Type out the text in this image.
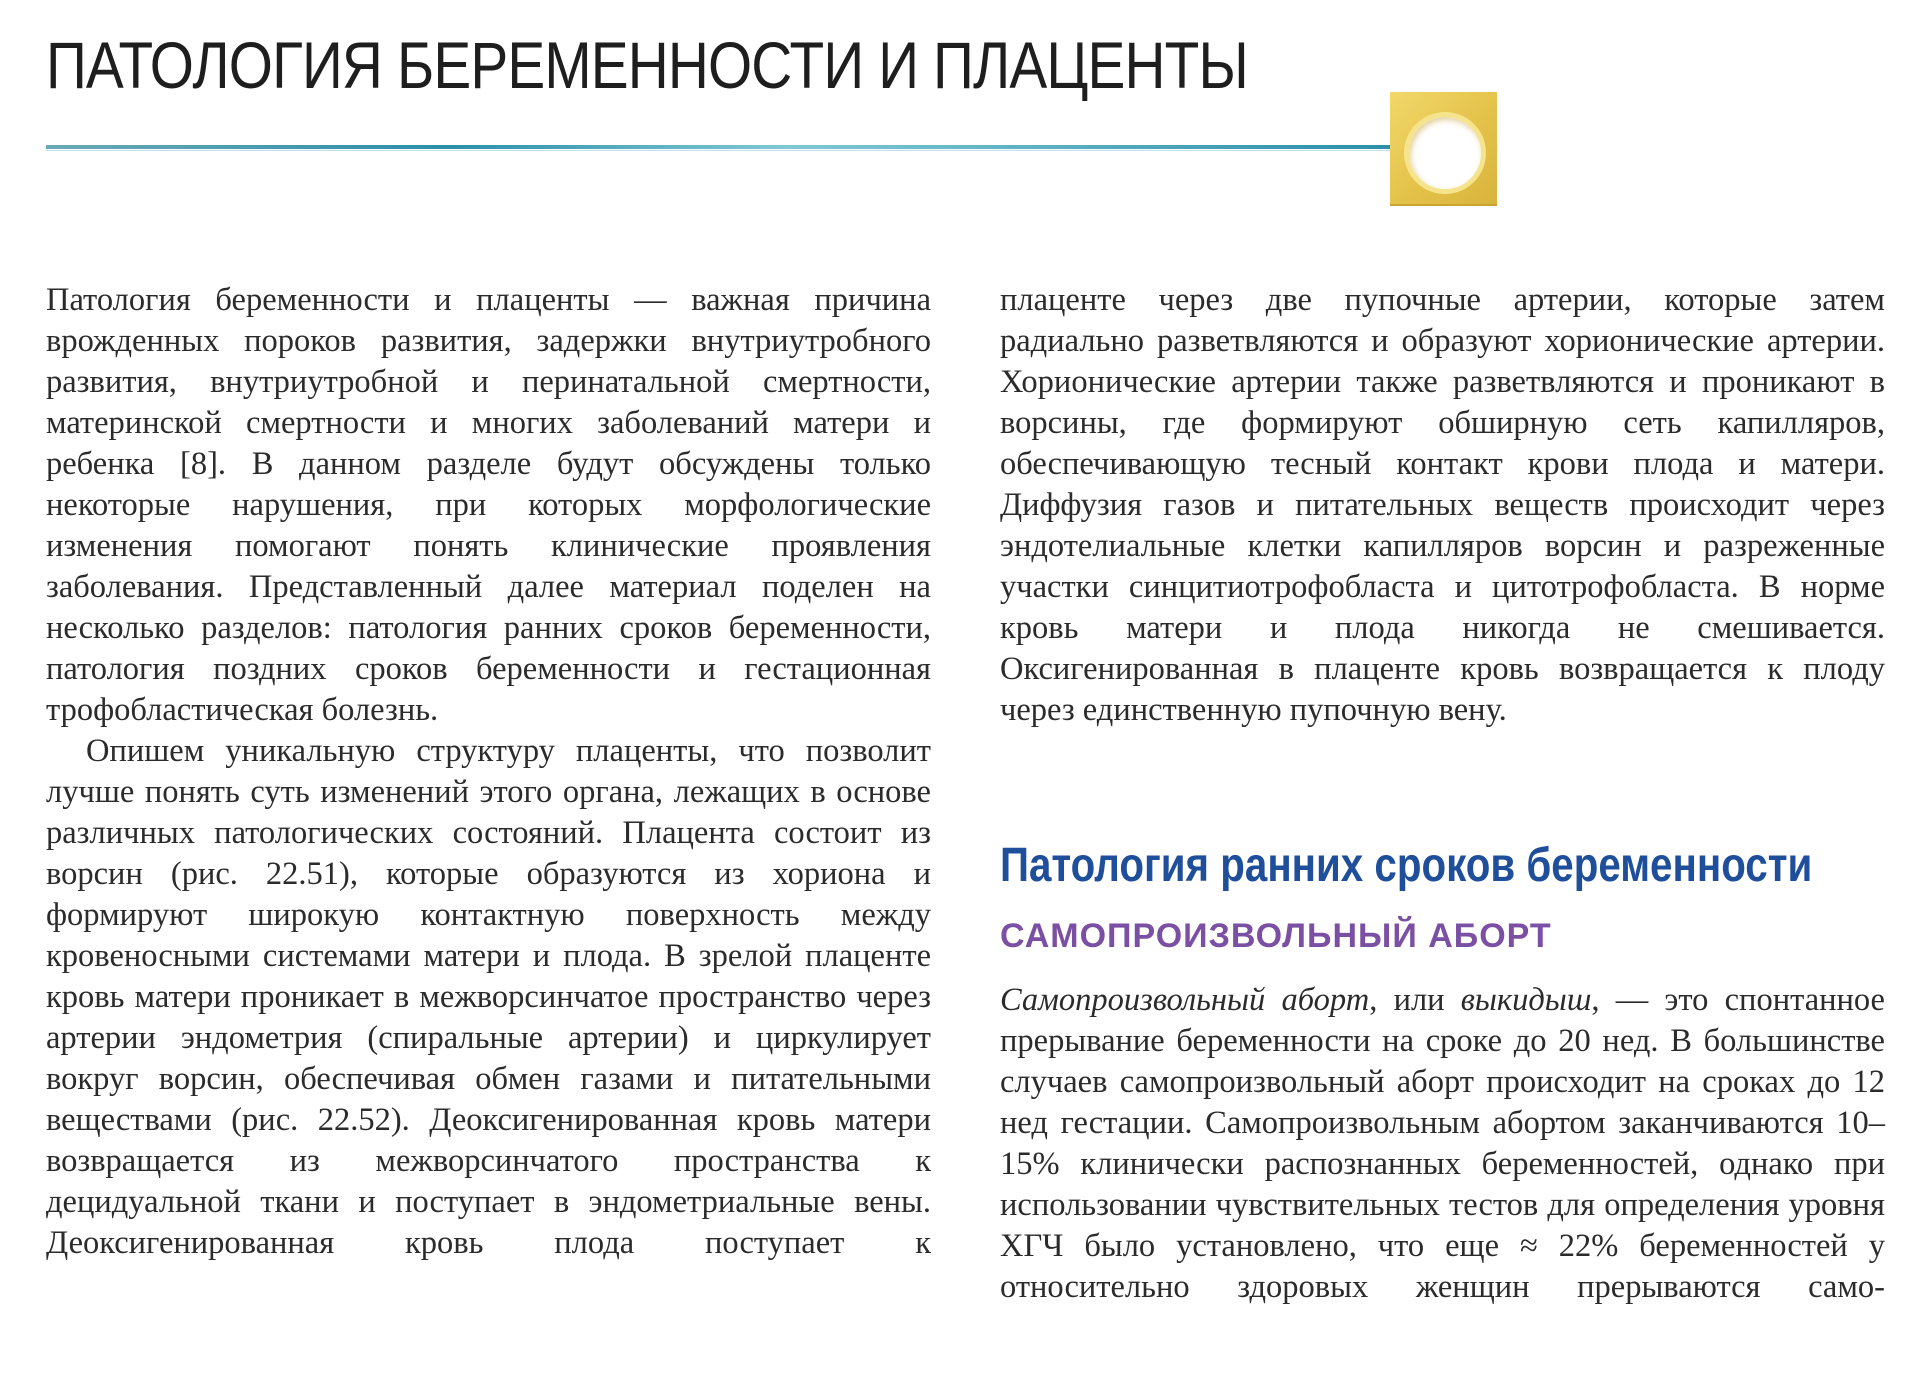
ПАТОЛОГИЯ БЕРЕМЕННОСТИ И ПЛАЦЕНТЫ

Патология беременности и плаценты — важная причина врожденных пороков развития, задержки внутриутробного развития, внутриутробной и перинатальной смертности, материнской смертности и многих заболеваний матери и ребенка [8]. В данном разделе будут обсуждены только некоторые нарушения, при которых морфологические изменения помогают понять клинические проявления заболевания. Представленный далее материал поделен на несколько разделов: патология ранних сроков беременности, патология поздних сроков беременности и гестационная трофобластическая болезнь.

Опишем уникальную структуру плаценты, что позволит лучше понять суть изменений этого органа, лежащих в основе различных патологических состояний. Плацента состоит из ворсин (рис. 22.51), которые образуются из хориона и формируют широкую контактную поверхность между кровеносными системами матери и плода. В зрелой плаценте кровь матери проникает в межворсинчатое пространство через артерии эндометрия (спиральные артерии) и циркулирует вокруг ворсин, обеспечивая обмен газами и питательными веществами (рис. 22.52). Деоксигенированная кровь матери возвращается из межворсинчатого пространства к децидуальной ткани и поступает в эндометриальные вены. Деоксигенированная кровь плода поступает к

плаценте через две пупочные артерии, которые затем радиально разветвляются и образуют хорионические артерии. Хорионические артерии также разветвляются и проникают в ворсины, где формируют обширную сеть капилляров, обеспечивающую тесный контакт крови плода и матери. Диффузия газов и питательных веществ происходит через эндотелиальные клетки капилляров ворсин и разреженные участки синцитиотрофобласта и цитотрофобласта. В норме кровь матери и плода никогда не смешивается. Оксигенированная в плаценте кровь возвращается к плоду через единственную пупочную вену.

Патология ранних сроков беременности
САМОПРОИЗВОЛЬНЫЙ АБОРТ

Самопроизвольный аборт, или выкидыш, — это спонтанное прерывание беременности на сроке до 20 нед. В большинстве случаев самопроизвольный аборт происходит на сроках до 12 нед гестации. Самопроизвольным абортом заканчиваются 10–15% клинически распознанных беременностей, однако при использовании чувствительных тестов для определения уровня ХГЧ было установлено, что еще ≈ 22% беременностей у относительно здоровых женщин прерываются само-
